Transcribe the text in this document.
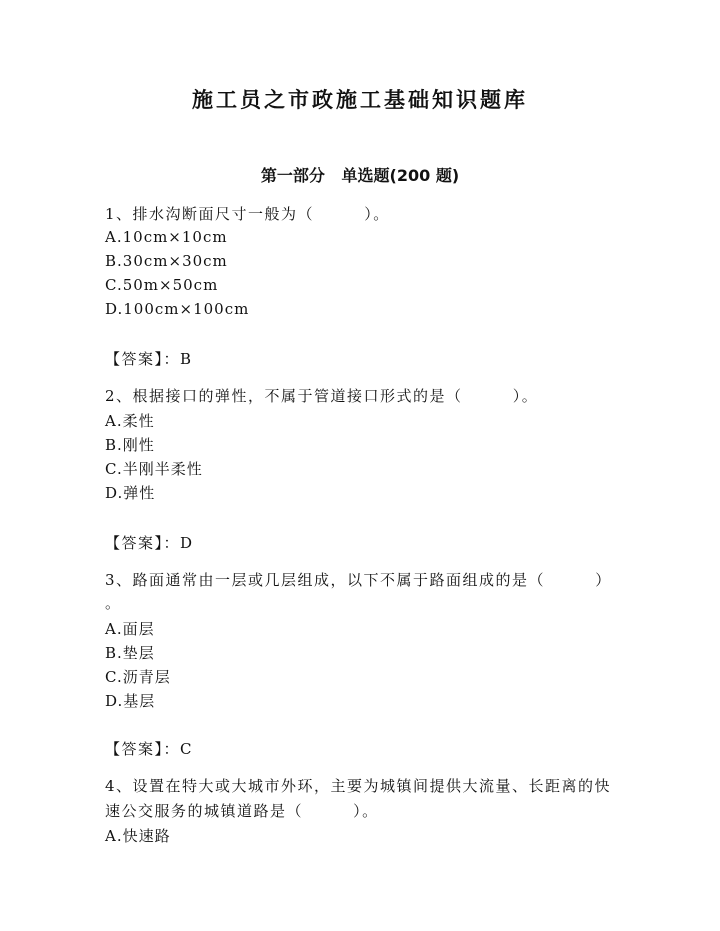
施工员之市政施工基础知识题库
第一部分   单选题(200 题)
1、排水沟断面尺寸一般为（        ）。
A.10cm×10cm
B.30cm×30cm
C.50m×50cm
D.100cm×100cm
【答案】：B
2、根据接口的弹性，不属于管道接口形式的是（        ）。
A.柔性
B.刚性
C.半刚半柔性
D.弹性
【答案】：D
3、路面通常由一层或几层组成，以下不属于路面组成的是（        ）
。
A.面层
B.垫层
C.沥青层
D.基层
【答案】：C
4、设置在特大或大城市外环，主要为城镇间提供大流量、长距离的快
速公交服务的城镇道路是（        ）。
A.快速路
